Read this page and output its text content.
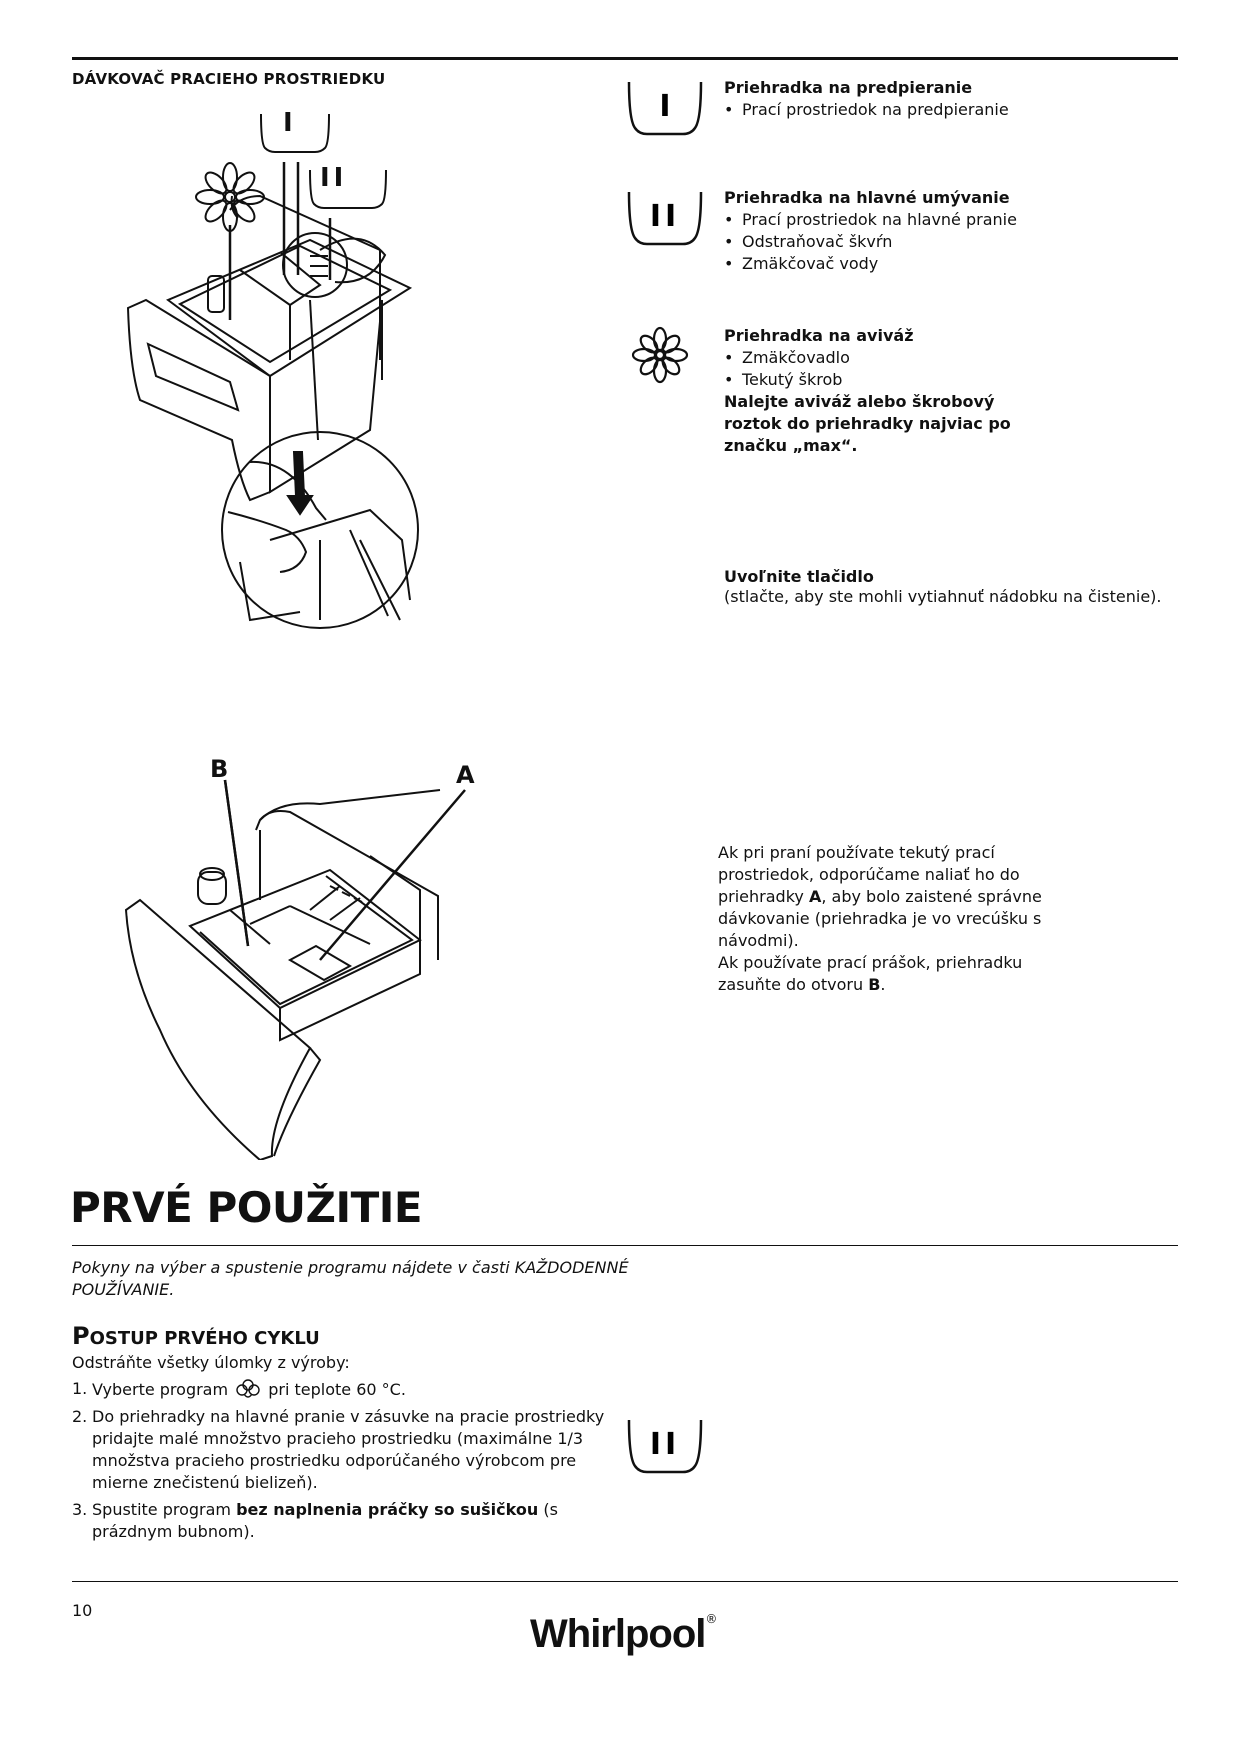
DÁVKOVAČ PRACIEHO PROSTRIEDKU
I
II
I
Priehradka na predpieranie
• Prací prostriedok na predpieranie
II
Priehradka na hlavné umývanie
• Prací prostriedok na hlavné pranie
• Odstraňovač škvŕn
• Zmäkčovač vody
Priehradka na aviváž
• Zmäkčovadlo
• Tekutý škrob
Nalejte aviváž alebo škrobový roztok do priehradky najviac po značku „max“.
Uvoľnite tlačidlo
(stlačte, aby ste mohli vytiahnuť nádobku na čistenie).
B	A
Ak pri praní používate tekutý prací prostriedok, odporúčame naliať ho do priehradky A, aby bolo zaistené správne dávkovanie (priehradka je vo vrecúšku s návodmi).
Ak používate prací prášok, priehradku zasuňte do otvoru B.
PRVÉ POUŽITIE
Pokyny na výber a spustenie programu nájdete v časti KAŽDODENNÉ POUŽÍVANIE.
POSTUP PRVÉHO CYKLU
Odstráňte všetky úlomky z výroby:
1. Vyberte program	pri teplote 60 °C.
2. Do priehradky na hlavné pranie v zásuvke na pracie prostriedky pridajte malé množstvo pracieho prostriedku (maximálne 1/3 množstva pracieho prostriedku odporúčaného výrobcom pre mierne znečistenú bielizeň).
3. Spustite program bez naplnenia práčky so sušičkou (s prázdnym bubnom).
II
10
Whirlpool®
